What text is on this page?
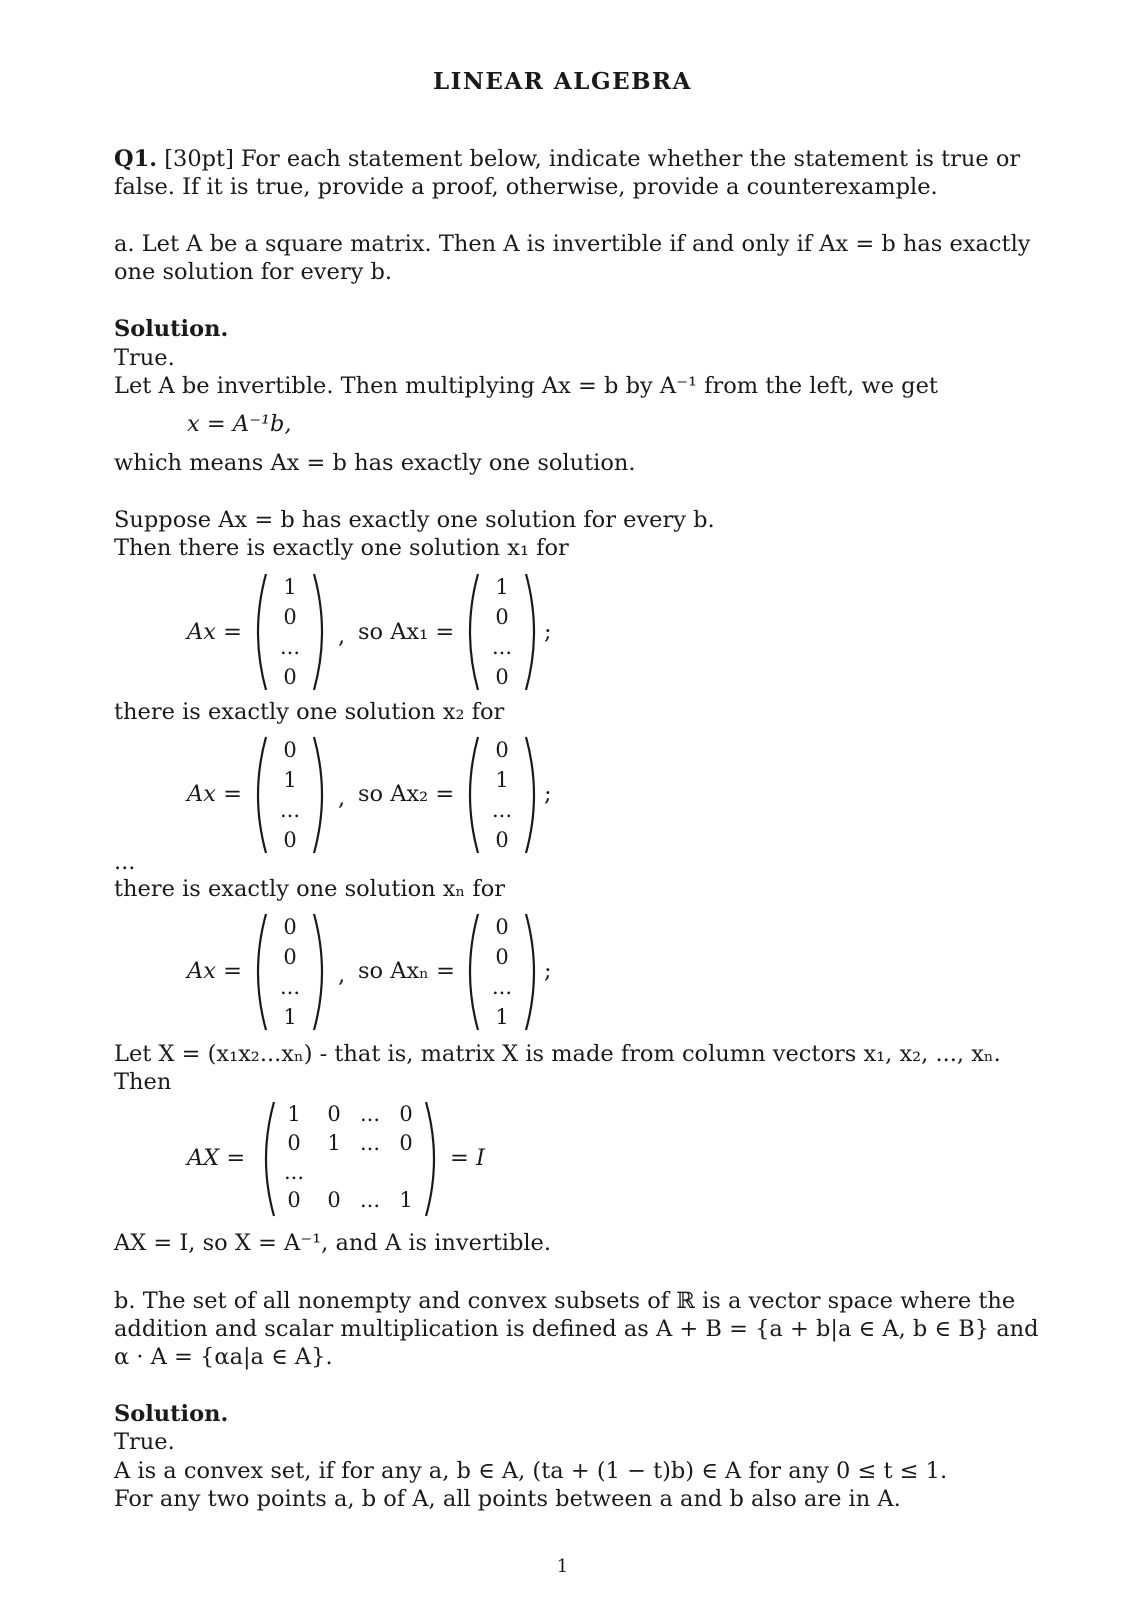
LINEAR ALGEBRA
Q1. [30pt] For each statement below, indicate whether the statement is true or
false. If it is true, provide a proof, otherwise, provide a counterexample.
a. Let A be a square matrix. Then A is invertible if and only if Ax = b has exactly
one solution for every b.
Solution.
True.
Let A be invertible. Then multiplying Ax = b by A⁻¹ from the left, we get
x = A⁻¹b,
which means Ax = b has exactly one solution.
Suppose Ax = b has exactly one solution for every b.
Then there is exactly one solution x₁ for
Ax =
1
0
...
0
, so Ax₁ =
1
0
...
0
;
there is exactly one solution x₂ for
Ax =
0
1
...
0
, so Ax₂ =
0
1
...
0
;
...
there is exactly one solution xₙ for
Ax =
0
0
...
1
, so Axₙ =
0
0
...
1
;
Let X = (x₁x₂...xₙ) - that is, matrix X is made from column vectors x₁, x₂, ..., xₙ.
Then
AX =
1 0 ... 0
0 1 ... 0
...
0 0 ... 1
= I
AX = I, so X = A⁻¹, and A is invertible.
b. The set of all nonempty and convex subsets of ℝ is a vector space where the
addition and scalar multiplication is defined as A + B = {a + b|a ∈ A, b ∈ B} and
α · A = {αa|a ∈ A}.
Solution.
True.
A is a convex set, if for any a, b ∈ A, (ta + (1 − t)b) ∈ A for any 0 ≤ t ≤ 1.
For any two points a, b of A, all points between a and b also are in A.
1
